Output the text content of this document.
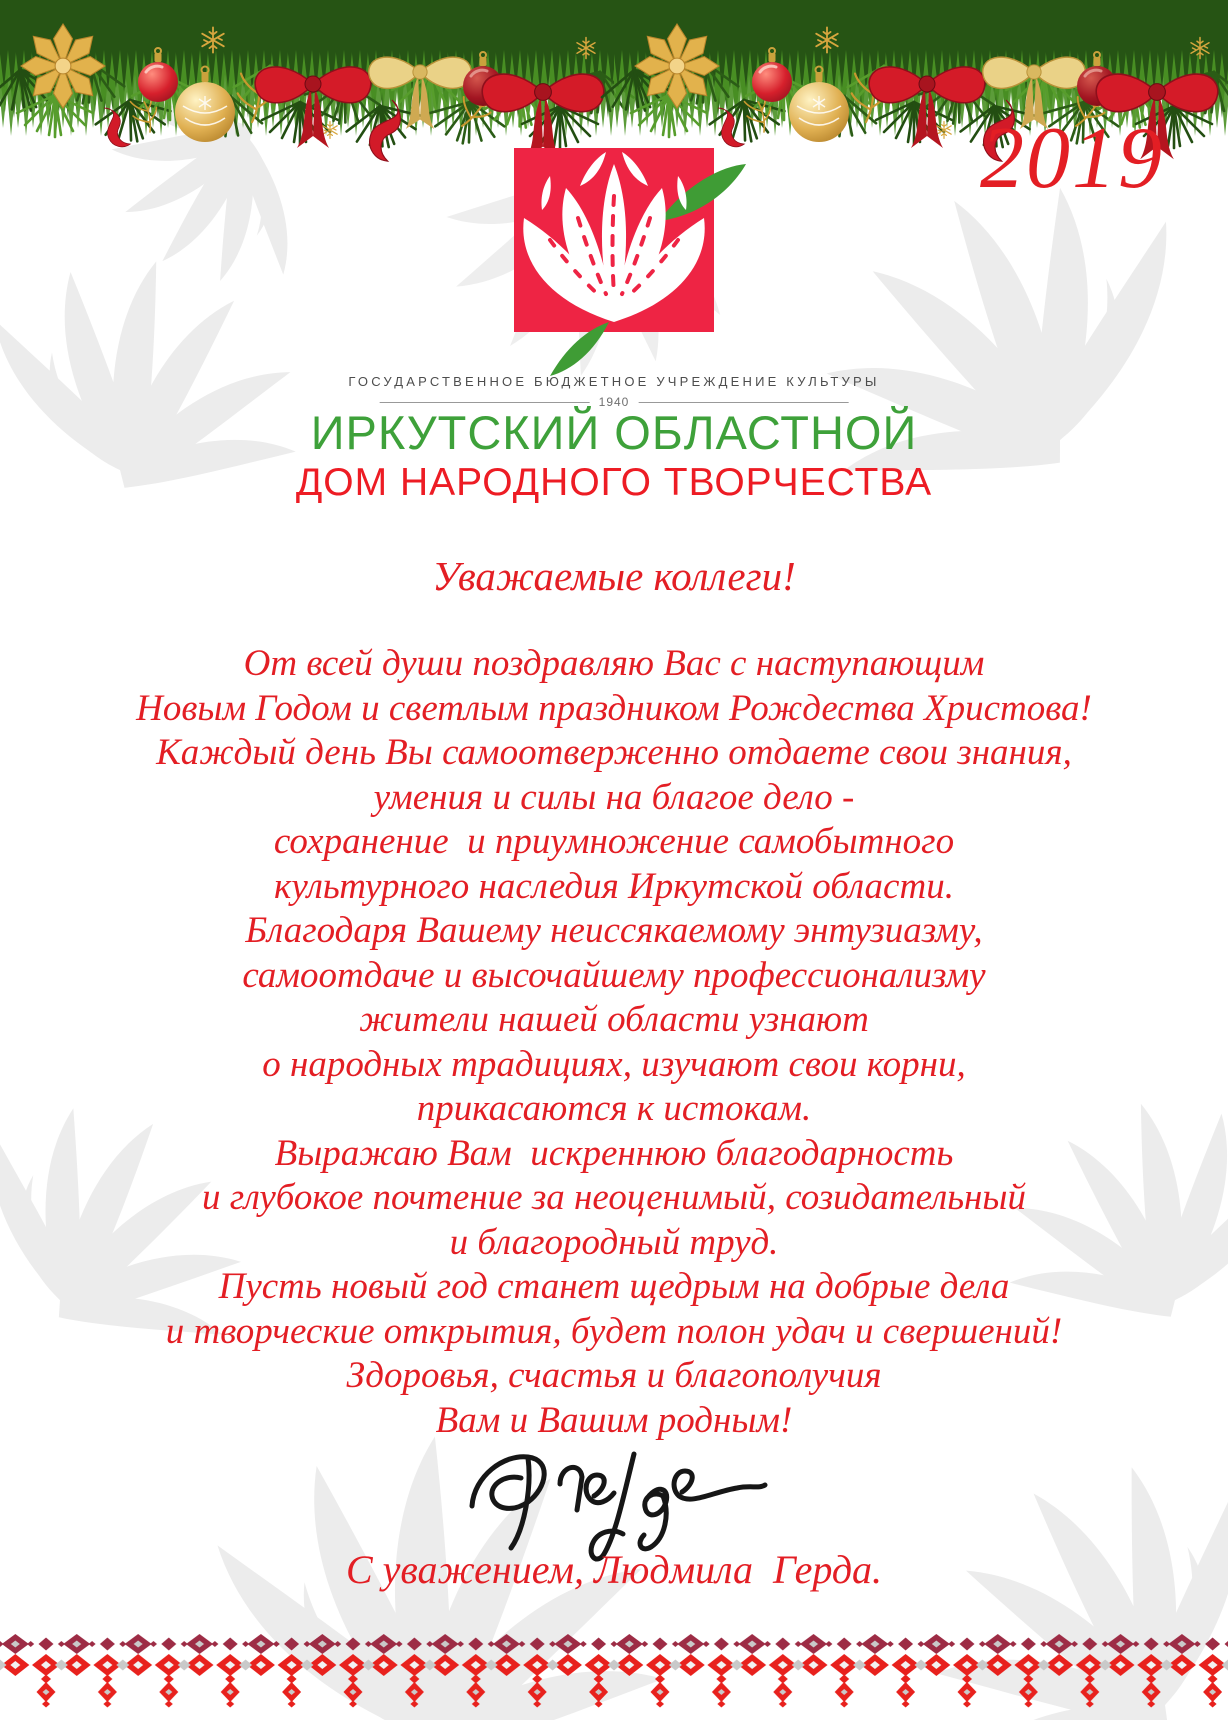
2019
ГОСУДАРСТВЕННОЕ БЮДЖЕТНОЕ УЧРЕЖДЕНИЕ КУЛЬТУРЫ
1940
ИРКУТСКИЙ ОБЛАСТНОЙ
ДОМ НАРОДНОГО ТВОРЧЕСТВА
Уважаемые коллеги!
От всей души поздравляю Вас с наступающим
Новым Годом и светлым праздником Рождества Христова!
Каждый день Вы самоотверженно отдаете свои знания,
умения и силы на благое дело -
сохранение  и приумножение самобытного
культурного наследия Иркутской области.
Благодаря Вашему неиссякаемому энтузиазму,
самоотдаче и высочайшему профессионализму
жители нашей области узнают
о народных традициях, изучают свои корни,
прикасаются к истокам.
Выражаю Вам  искреннюю благодарность
и глубокое почтение за неоценимый, созидательный
и благородный труд.
Пусть новый год станет щедрым на добрые дела
и творческие открытия, будет полон удач и свершений!
Здоровья, счастья и благополучия
Вам и Вашим родным!
С уважением, Людмила  Герда.
